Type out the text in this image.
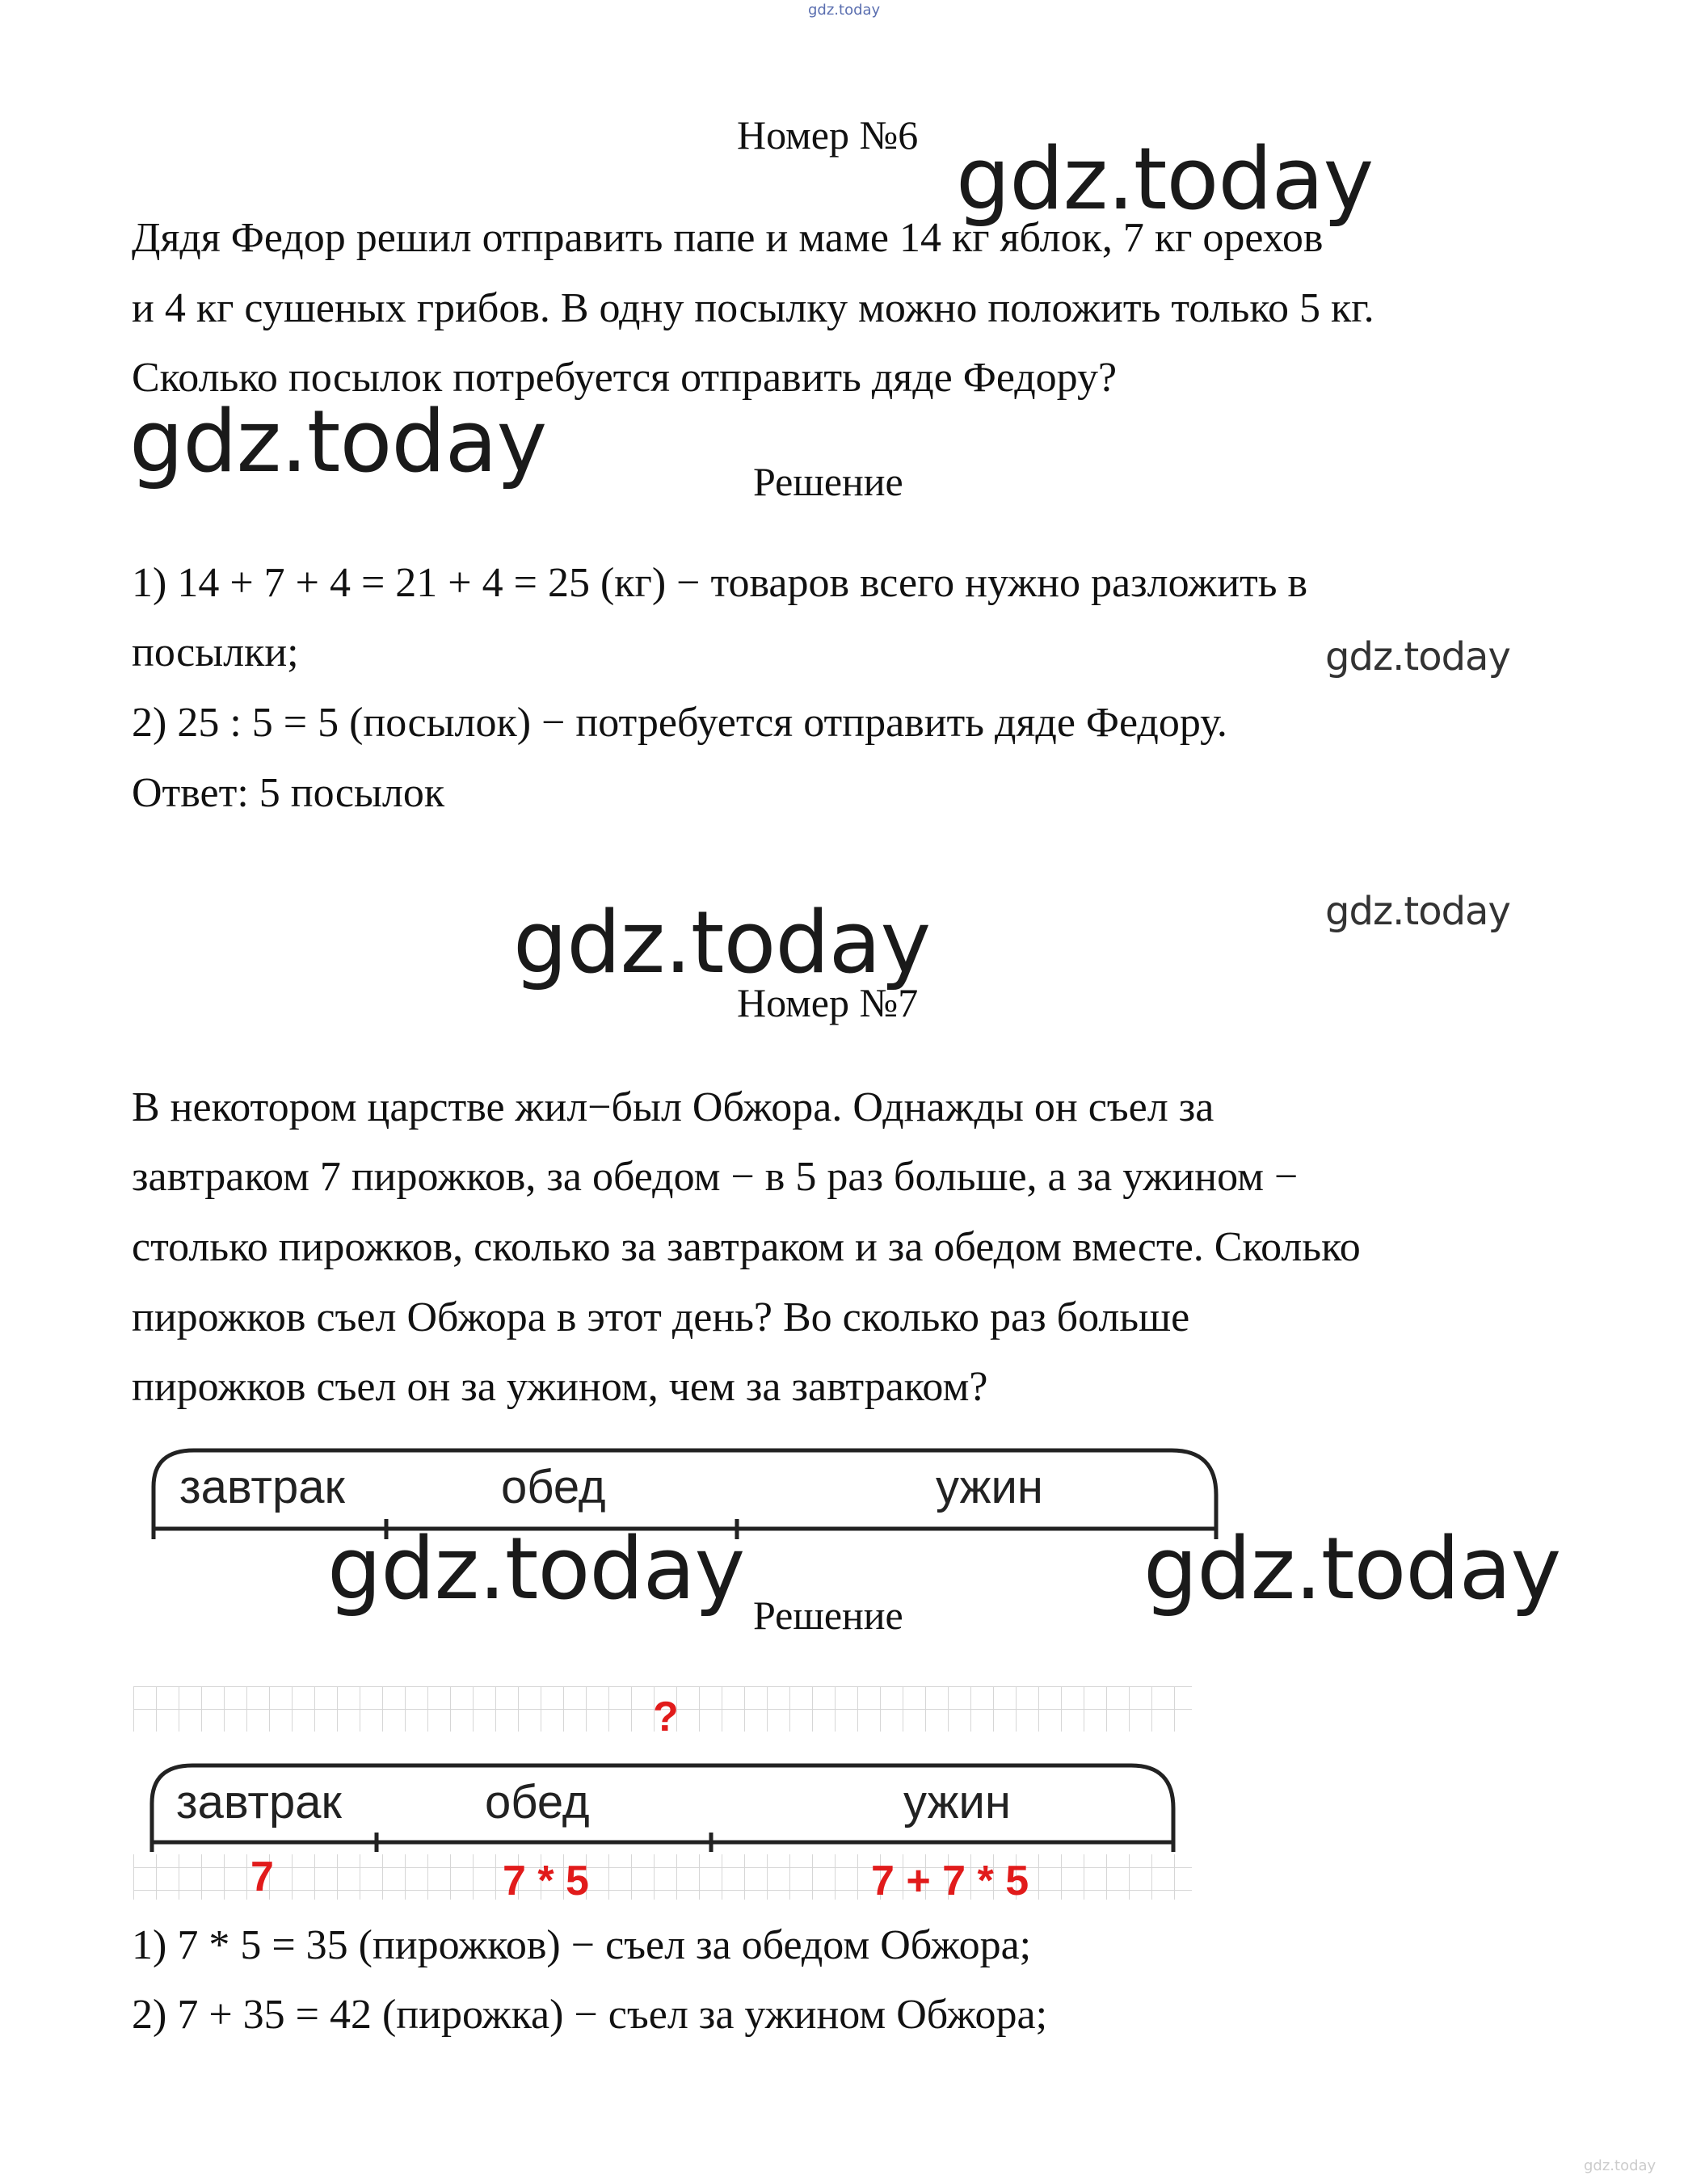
gdz.today
Номер №6 gdz.today
Дядя Федор решил отправить папе и маме 14 кг яблок, 7 кг орехов
и 4 кг сушеных грибов. В одну посылку можно положить только 5 кг.
Сколько посылок потребуется отправить дяде Федору?
gdz.today	Решение
1) 14 + 7 + 4 = 21 + 4 = 25 (кг) − товаров всего нужно разложить в
посылки;	gdz.today
2) 25 : 5 = 5 (посылок) − потребуется отправить дяде Федору.
Ответ: 5 посылок
gdz.today
gdz.today
Номер №7
В некотором царстве жил−был Обжора. Однажды он съел за
завтраком 7 пирожков, за обедом − в 5 раз больше, а за ужином −
столько пирожков, сколько за завтраком и за обедом вместе. Сколько
пирожков съел Обжора в этот день? Во сколько раз больше
пирожков съел он за ужином, чем за завтраком?
завтрак	обед	ужин
gdz.today	gdz.today
Решение
?
завтрак	обед	ужин
7	7 * 5	7 + 7 * 5
1) 7 * 5 = 35 (пирожков) − съел за обедом Обжора;
2) 7 + 35 = 42 (пирожка) − съел за ужином Обжора;
gdz.today
